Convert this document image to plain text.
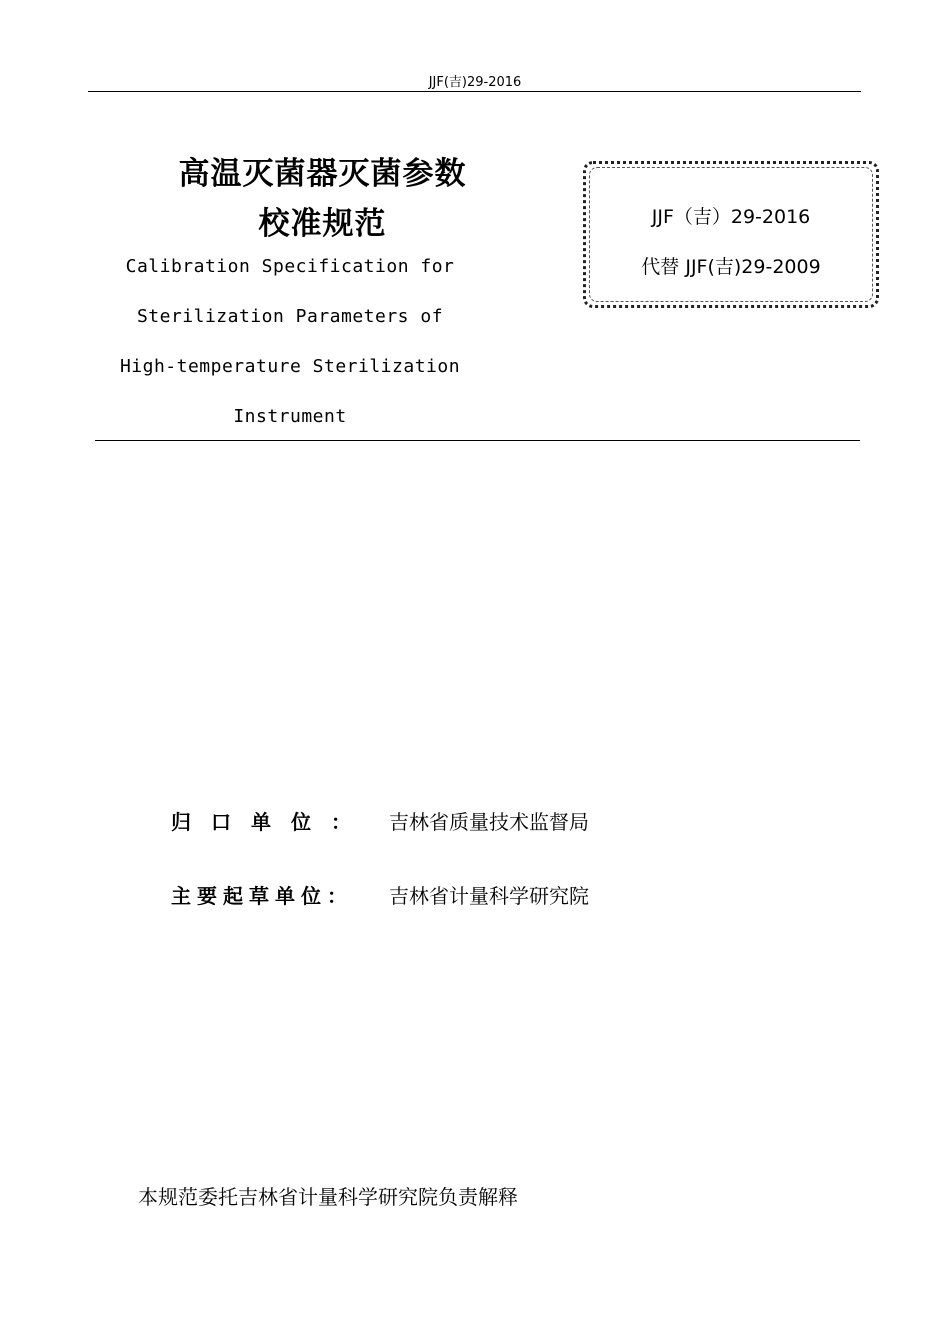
JJF(吉)29-2016
高温灭菌器灭菌参数
校准规范
Calibration Specification for
Sterilization Parameters of
High-temperature Sterilization
Instrument
JJF（吉）29-2016
代替 JJF(吉)29-2009
归口单位： 吉林省质量技术监督局
主要起草单位：	吉林省计量科学研究院
本规范委托吉林省计量科学研究院负责解释
